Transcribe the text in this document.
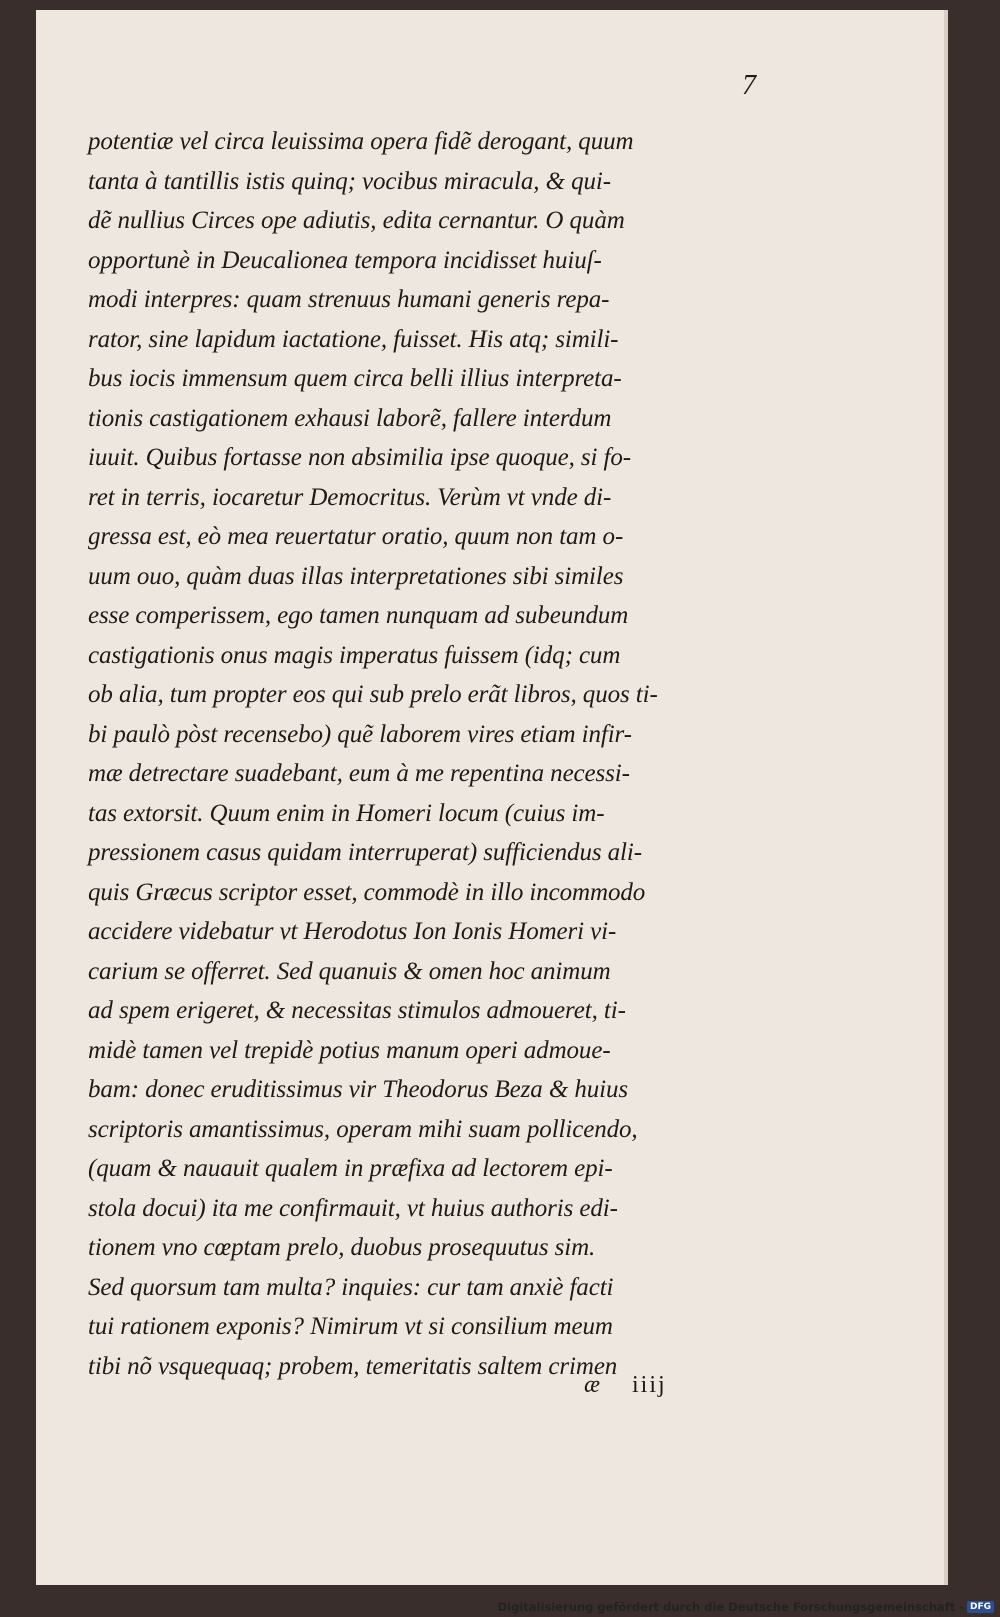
7
potentiæ vel circa leuissima opera fidẽ derogant, quum
tanta à tantillis istis quinq; vocibus miracula, & qui-
dẽ nullius Circes ope adiutis, edita cernantur. O quàm
opportunè in Deucalionea tempora incidisset huiuſ-
modi interpres: quam strenuus humani generis repa-
rator, sine lapidum iactatione, fuisset. His atq; simili-
bus iocis immensum quem circa belli illius interpreta-
tionis castigationem exhausi laborẽ, fallere interdum
iuuit. Quibus fortasse non absimilia ipse quoque, si fo-
ret in terris, iocaretur Democritus. Verùm vt vnde di-
gressa est, eò mea reuertatur oratio, quum non tam o-
uum ouo, quàm duas illas interpretationes sibi similes
esse comperissem, ego tamen nunquam ad subeundum
castigationis onus magis imperatus fuissem (idq; cum
ob alia, tum propter eos qui sub prelo erãt libros, quos ti-
bi paulò pòst recensebo) quẽ laborem vires etiam infir-
mæ detrectare suadebant, eum à me repentina necessi-
tas extorsit. Quum enim in Homeri locum (cuius im-
pressionem casus quidam interruperat) sufficiendus ali-
quis Græcus scriptor esset, commodè in illo incommodo
accidere videbatur vt Herodotus Ion Ionis Homeri vi-
carium se offerret. Sed quanuis & omen hoc animum
ad spem erigeret, & necessitas stimulos admoueret, ti-
midè tamen vel trepidè potius manum operi admoue-
bam: donec eruditissimus vir Theodorus Beza & huius
scriptoris amantissimus, operam mihi suam pollicendo,
(quam & nauauit qualem in præfixa ad lectorem epi-
stola docui) ita me confirmauit, vt huius authoris edi-
tionem vno cœptam prelo, duobus prosequutus sim.
Sed quorsum tam multa? inquies: cur tam anxiè facti
tui rationem exponis? Nimirum vt si consilium meum
tibi nõ vsquequaq; probem, temeritatis saltem crimen
æ iiij
Digitalisierung gefördert durch die Deutsche Forschungsgemeinschaft - DFG
